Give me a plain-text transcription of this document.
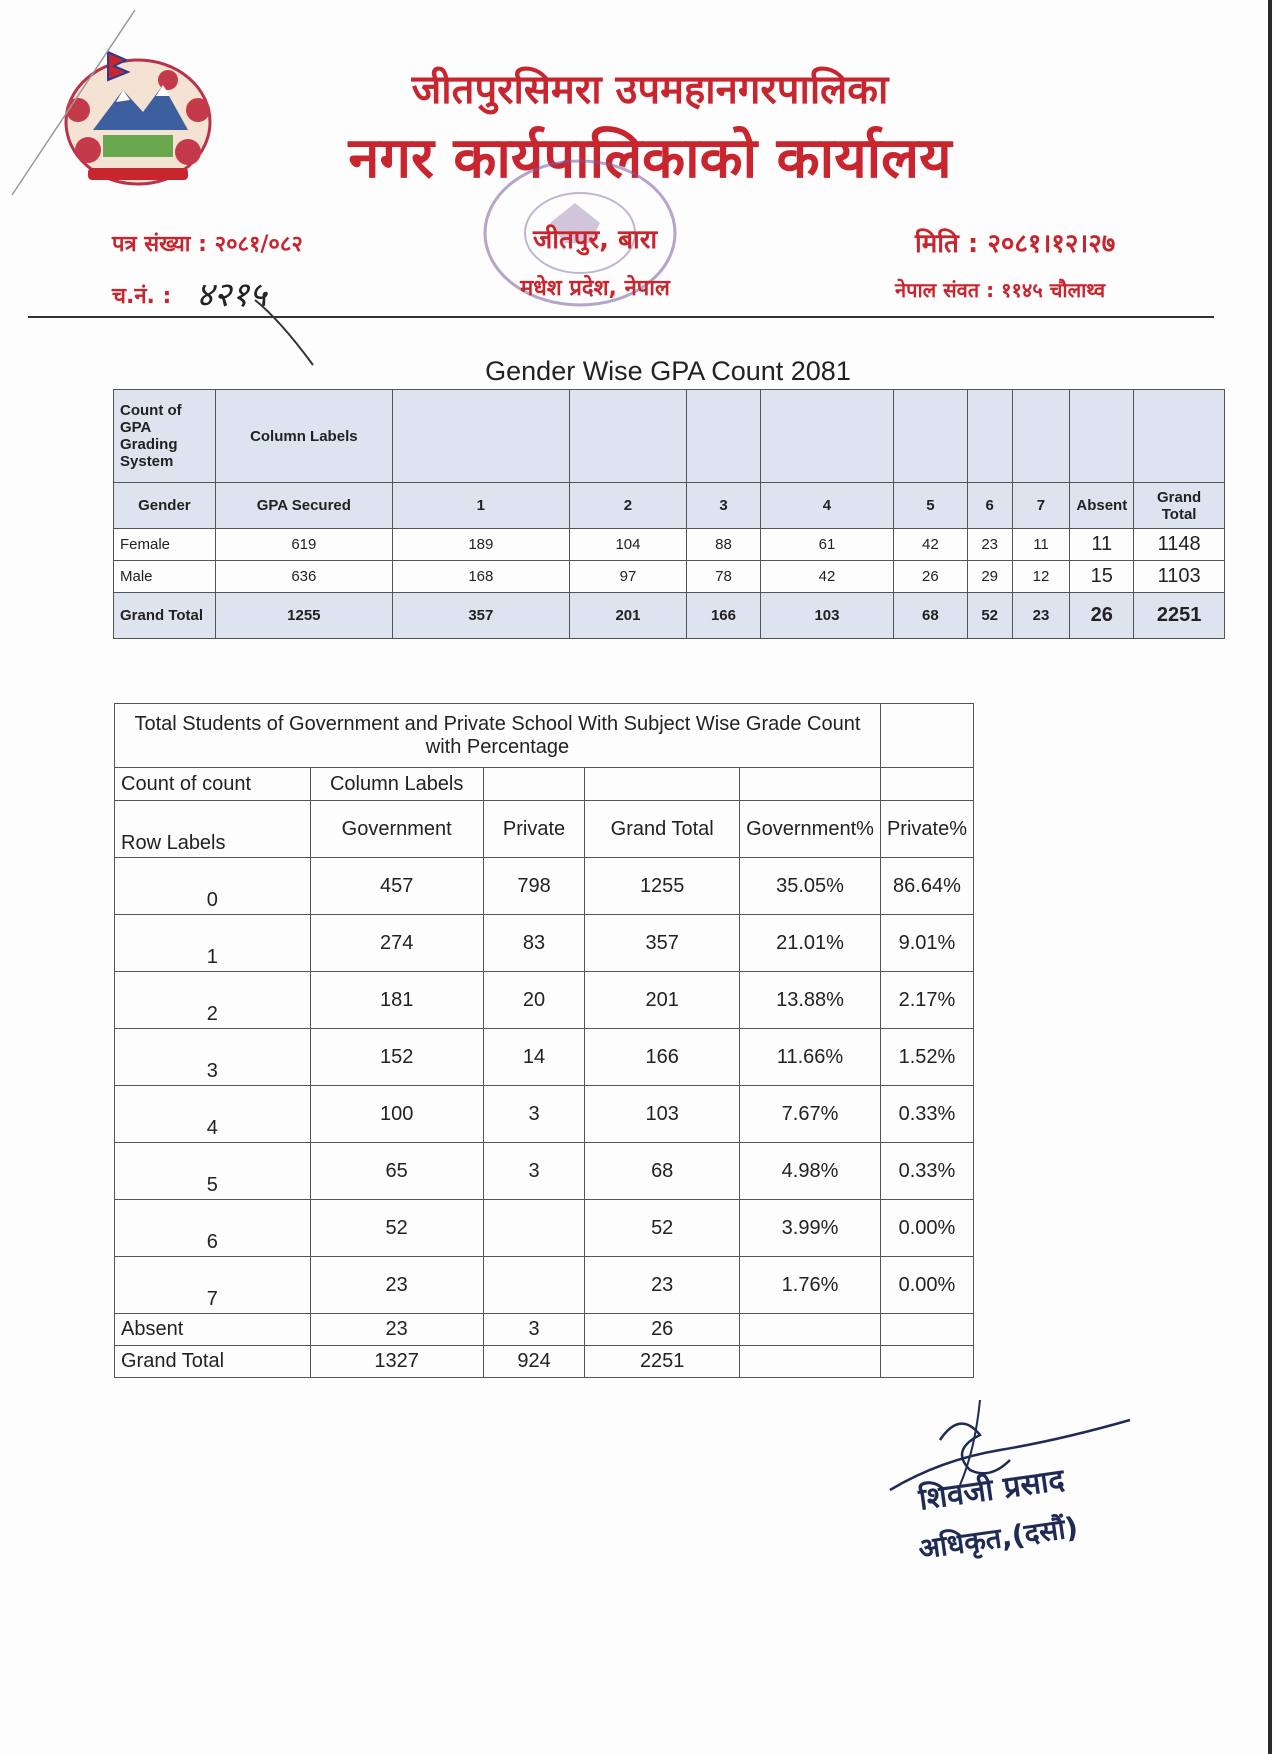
जीतपुरसिमरा उपमहानगरपालिका
नगर कार्यपालिकाको कार्यालय
जीतपुर, बारा
मधेश प्रदेश, नेपाल
पत्र संख्या : २०८१/०८२
च.नं. : ४२१५
मिति : २०८१।१२।२७
नेपाल संवत : ११४५ चौलाथ्व
Gender Wise GPA Count 2081
Count of GPA Grading System	Column Labels									
Gender	GPA Secured	1	2	3	4	5	6	7	Absent	Grand Total
Female	619	189	104	88	61	42	23	11	11	1148
Male	636	168	97	78	42	26	29	12	15	1103
Grand Total	1255	357	201	166	103	68	52	23	26	2251
Total Students of Government and Private School With Subject Wise Grade Count with Percentage					
Count of count	Column Labels				
Row Labels	Government	Private	Grand Total	Government%	Private%
0	457	798	1255	35.05%	86.64%
1	274	83	357	21.01%	9.01%
2	181	20	201	13.88%	2.17%
3	152	14	166	11.66%	1.52%
4	100	3	103	7.67%	0.33%
5	65	3	68	4.98%	0.33%
6	52		52	3.99%	0.00%
7	23		23	1.76%	0.00%
Absent	23	3	26		
Grand Total	1327	924	2251		
शिवजी प्रसाद
अधिकृत,(दसौं)
